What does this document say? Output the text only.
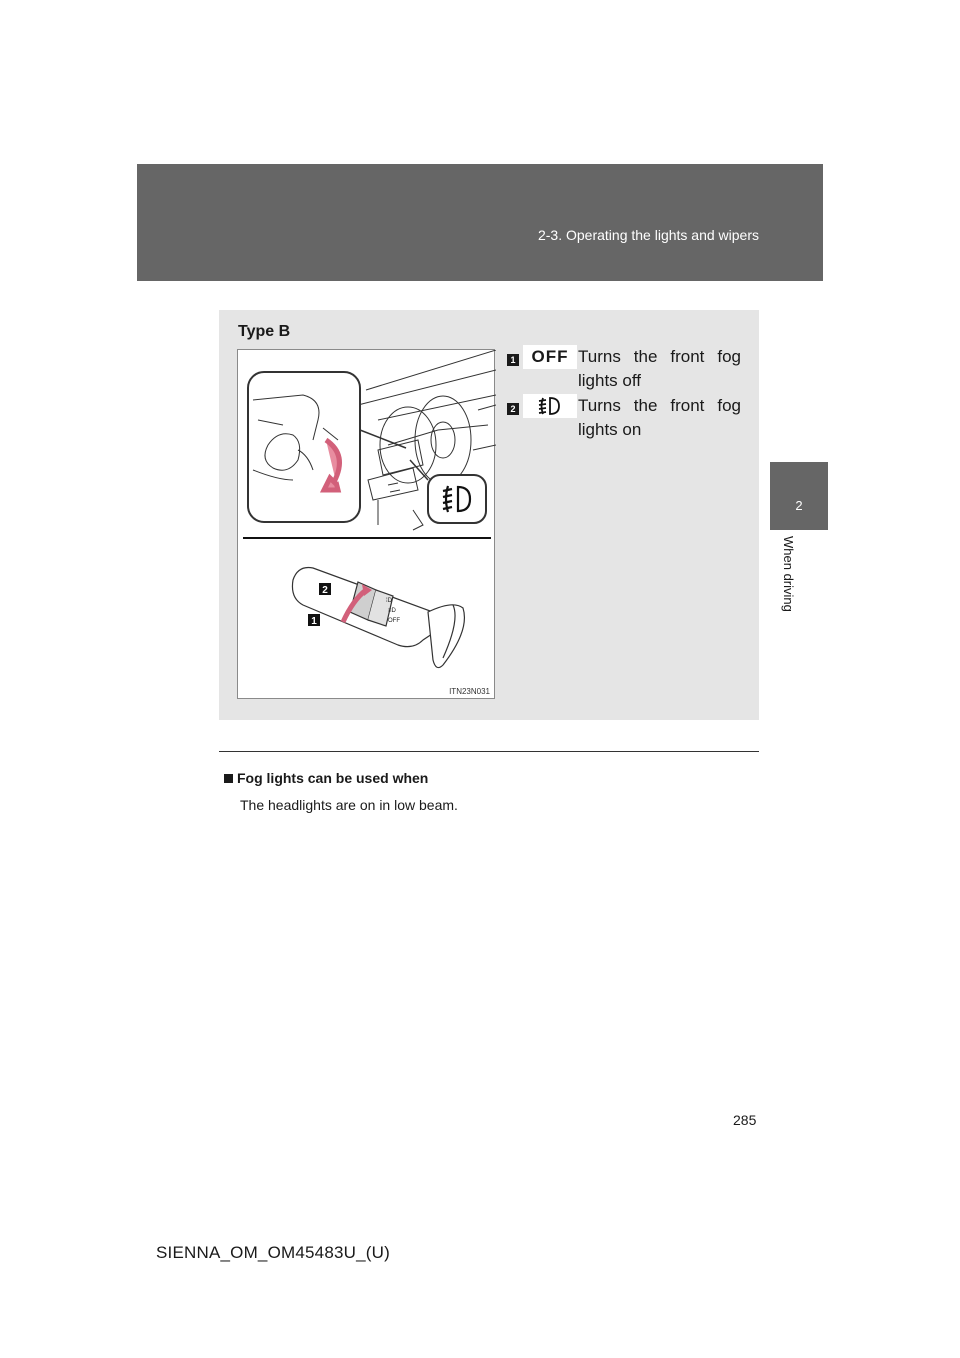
2-3. Operating the lights and wipers
2
When driving
Type B
⁞D
≡D
OFF
2
1
ITN23N031
1 OFF Turns the front fog lights off
2	Turns the front fog lights on
Fog lights can be used when
The headlights are on in low beam.
285
SIENNA_OM_OM45483U_(U)
